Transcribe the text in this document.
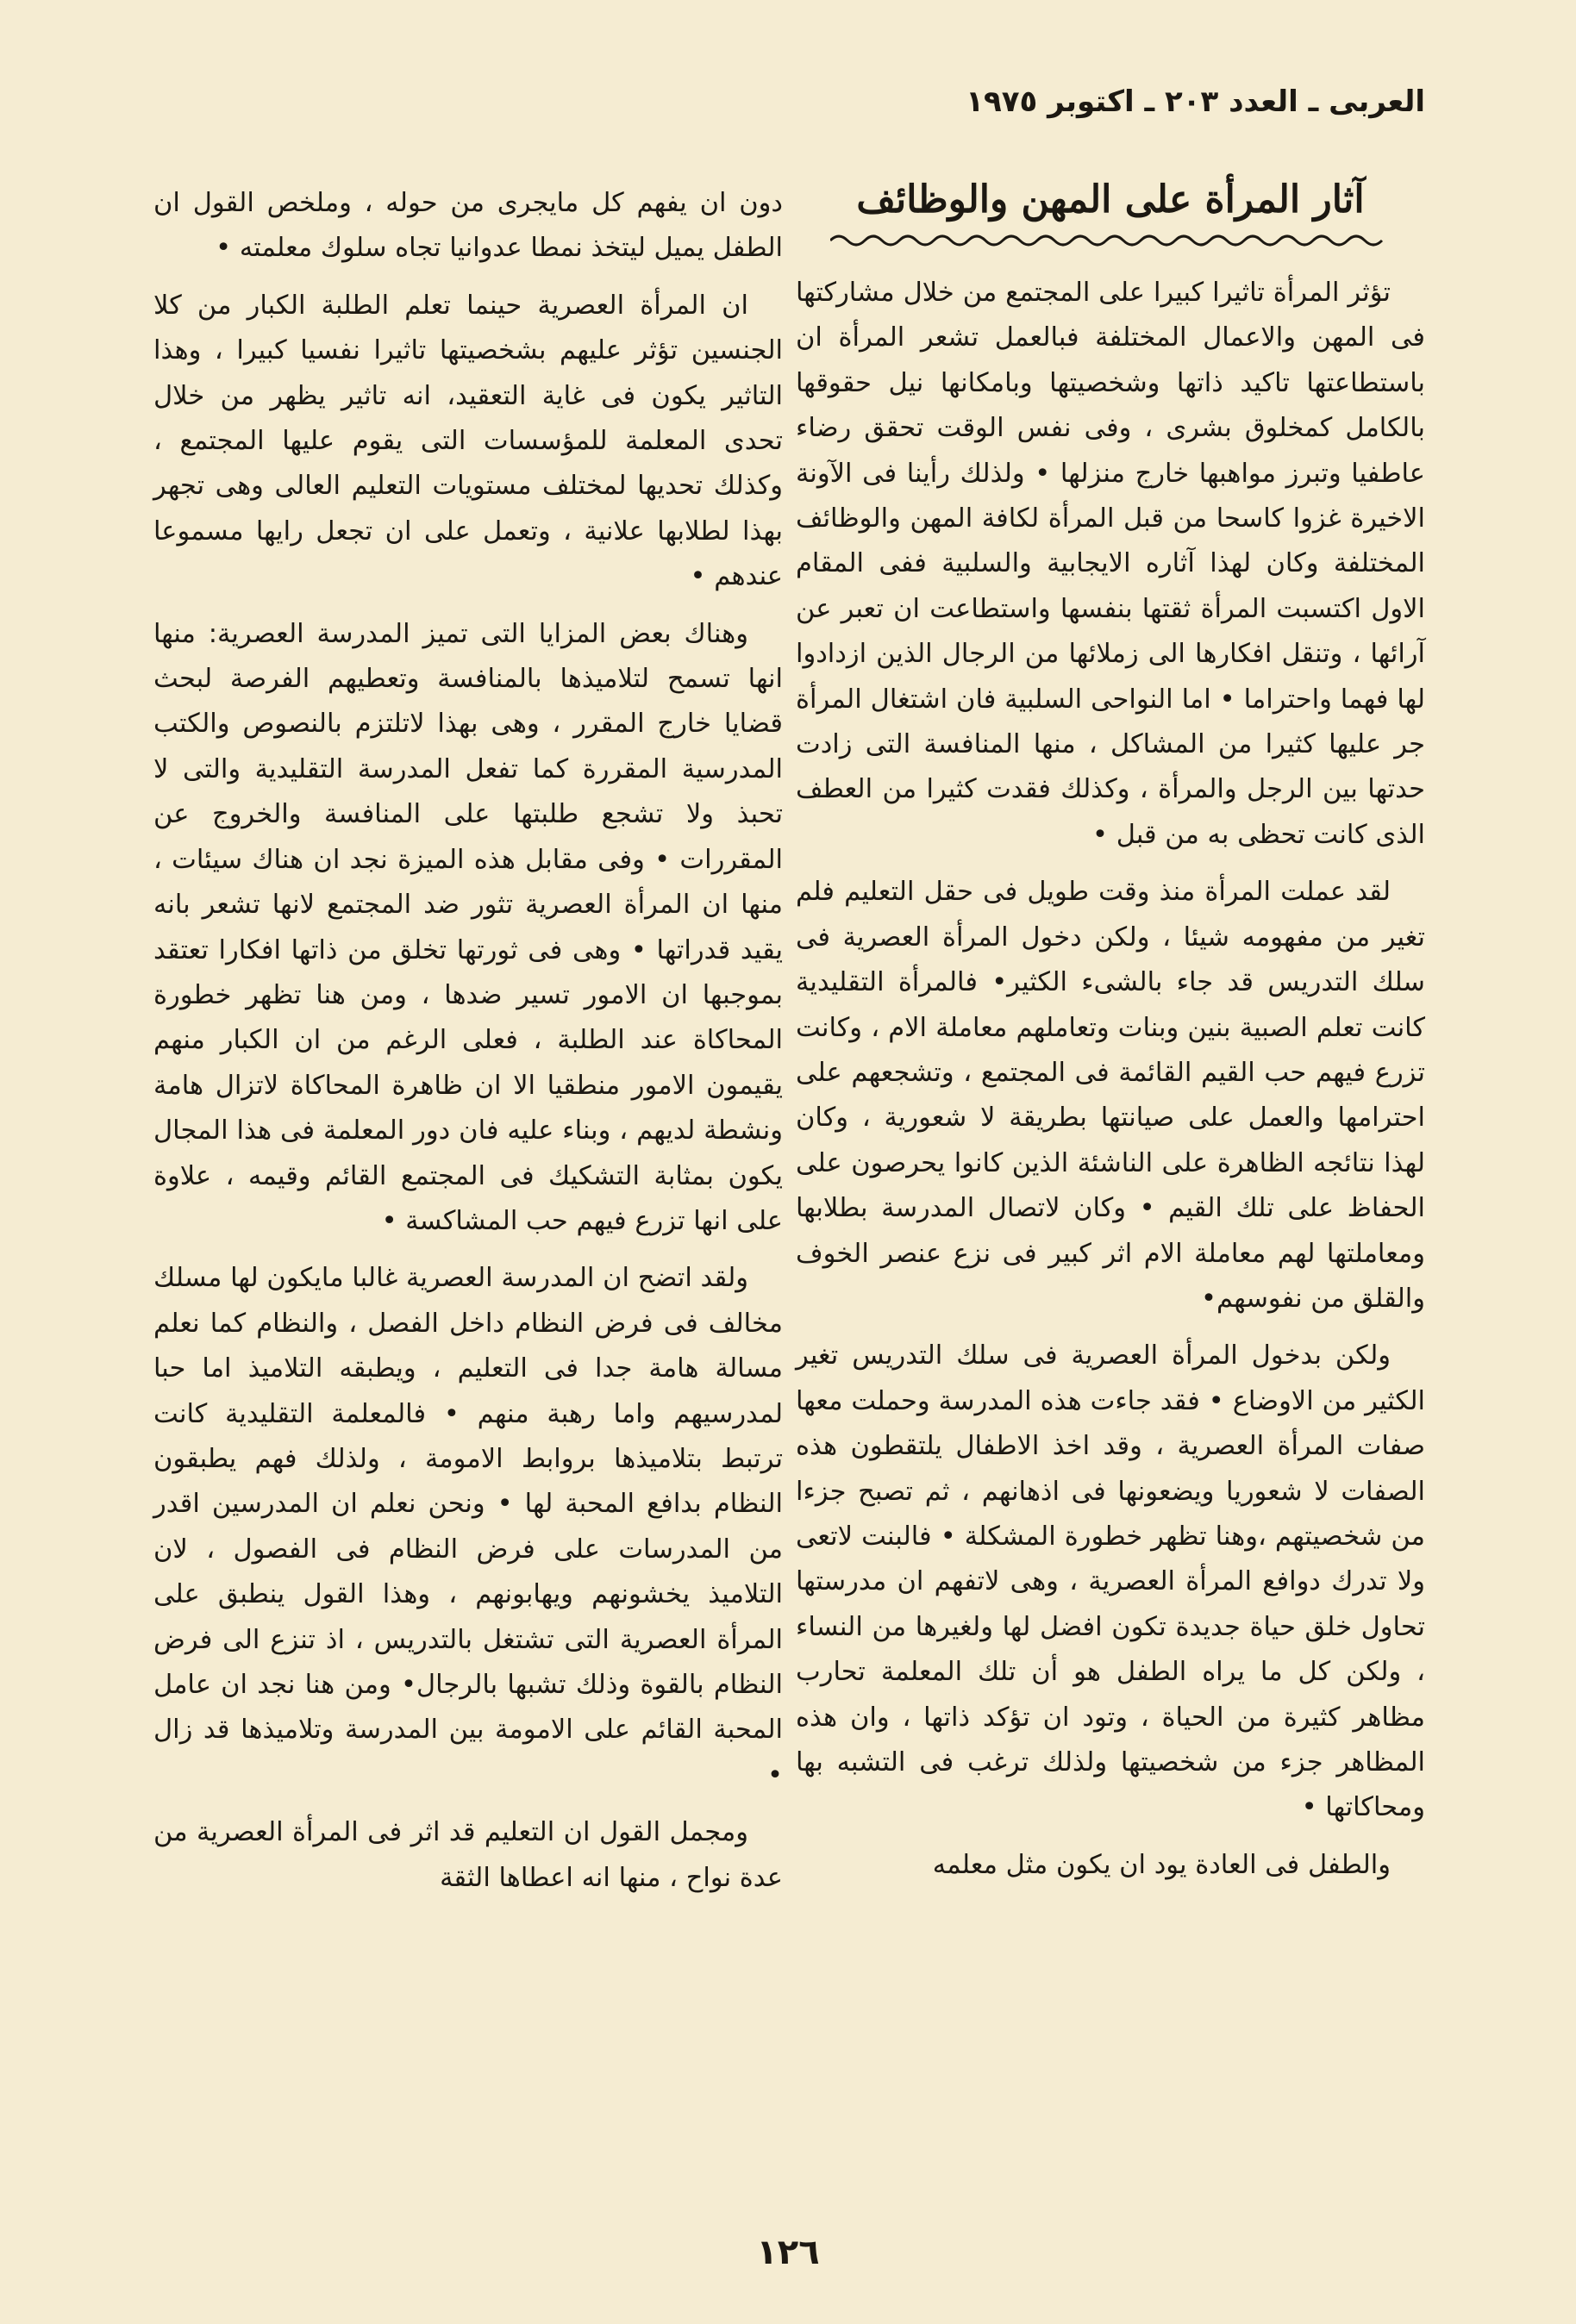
العربى ـ العدد ٢٠٣ ـ اكتوبر ١٩٧٥
آثار المرأة على المهن والوظائف

تؤثر المرأة تاثيرا كبيرا على المجتمع من خلال مشاركتها فى المهن والاعمال المختلفة فبالعمل تشعر المرأة ان باستطاعتها تاكيد ذاتها وشخصيتها وبامكانها نيل حقوقها بالكامل كمخلوق بشرى ، وفى نفس الوقت تحقق رضاء عاطفيا وتبرز مواهبها خارج منزلها • ولذلك رأينا فى الآونة الاخيرة غزوا كاسحا من قبل المرأة لكافة المهن والوظائف المختلفة وكان لهذا آثاره الايجابية والسلبية ففى المقام الاول اكتسبت المرأة ثقتها بنفسها واستطاعت ان تعبر عن آرائها ، وتنقل افكارها الى زملائها من الرجال الذين ازدادوا لها فهما واحتراما • اما النواحى السلبية فان اشتغال المرأة جر عليها كثيرا من المشاكل ، منها المنافسة التى زادت حدتها بين الرجل والمرأة ، وكذلك فقدت كثيرا من العطف الذى كانت تحظى به من قبل •

لقد عملت المرأة منذ وقت طويل فى حقل التعليم فلم تغير من مفهومه شيئا ، ولكن دخول المرأة العصرية فى سلك التدريس قد جاء بالشىء الكثير• فالمرأة التقليدية كانت تعلم الصبية بنين وبنات وتعاملهم معاملة الام ، وكانت تزرع فيهم حب القيم القائمة فى المجتمع ، وتشجعهم على احترامها والعمل على صيانتها بطريقة لا شعورية ، وكان لهذا نتائجه الظاهرة على الناشئة الذين كانوا يحرصون على الحفاظ على تلك القيم • وكان لاتصال المدرسة بطلابها ومعاملتها لهم معاملة الام اثر كبير فى نزع عنصر الخوف والقلق من نفوسهم•

ولكن بدخول المرأة العصرية فى سلك التدريس تغير الكثير من الاوضاع • فقد جاءت هذه المدرسة وحملت معها صفات المرأة العصرية ، وقد اخذ الاطفال يلتقطون هذه الصفات لا شعوريا ويضعونها فى اذهانهم ، ثم تصبح جزءا من شخصيتهم ،وهنا تظهر خطورة المشكلة • فالبنت لاتعى ولا تدرك دوافع المرأة العصرية ، وهى لاتفهم ان مدرستها تحاول خلق حياة جديدة تكون افضل لها ولغيرها من النساء ، ولكن كل ما يراه الطفل هو أن تلك المعلمة تحارب مظاهر كثيرة من الحياة ، وتود ان تؤكد ذاتها ، وان هذه المظاهر جزء من شخصيتها ولذلك ترغب فى التشبه بها ومحاكاتها •

والطفل فى العادة يود ان يكون مثل معلمه

دون ان يفهم كل مايجرى من حوله ، وملخص القول ان الطفل يميل ليتخذ نمطا عدوانيا تجاه سلوك معلمته •

ان المرأة العصرية حينما تعلم الطلبة الكبار من كلا الجنسين تؤثر عليهم بشخصيتها تاثيرا نفسيا كبيرا ، وهذا التاثير يكون فى غاية التعقيد، انه تاثير يظهر من خلال تحدى المعلمة للمؤسسات التى يقوم عليها المجتمع ، وكذلك تحديها لمختلف مستويات التعليم العالى وهى تجهر بهذا لطلابها علانية ، وتعمل على ان تجعل رايها مسموعا عندهم •

وهناك بعض المزايا التى تميز المدرسة العصرية: منها انها تسمح لتلاميذها بالمنافسة وتعطيهم الفرصة لبحث قضايا خارج المقرر ، وهى بهذا لاتلتزم بالنصوص والكتب المدرسية المقررة كما تفعل المدرسة التقليدية والتى لا تحبذ ولا تشجع طلبتها على المنافسة والخروج عن المقررات • وفى مقابل هذه الميزة نجد ان هناك سيئات ، منها ان المرأة العصرية تثور ضد المجتمع لانها تشعر بانه يقيد قدراتها • وهى فى ثورتها تخلق من ذاتها افكارا تعتقد بموجبها ان الامور تسير ضدها ، ومن هنا تظهر خطورة المحاكاة عند الطلبة ، فعلى الرغم من ان الكبار منهم يقيمون الامور منطقيا الا ان ظاهرة المحاكاة لاتزال هامة ونشطة لديهم ، وبناء عليه فان دور المعلمة فى هذا المجال يكون بمثابة التشكيك فى المجتمع القائم وقيمه ، علاوة على انها تزرع فيهم حب المشاكسة •

ولقد اتضح ان المدرسة العصرية غالبا مايكون لها مسلك مخالف فى فرض النظام داخل الفصل ، والنظام كما نعلم مسالة هامة جدا فى التعليم ، ويطبقه التلاميذ اما حبا لمدرسيهم واما رهبة منهم • فالمعلمة التقليدية كانت ترتبط بتلاميذها بروابط الامومة ، ولذلك فهم يطبقون النظام بدافع المحبة لها • ونحن نعلم ان المدرسين اقدر من المدرسات على فرض النظام فى الفصول ، لان التلاميذ يخشونهم ويهابونهم ، وهذا القول ينطبق على المرأة العصرية التى تشتغل بالتدريس ، اذ تنزع الى فرض النظام بالقوة وذلك تشبها بالرجال• ومن هنا نجد ان عامل المحبة القائم على الامومة بين المدرسة وتلاميذها قد زال •

ومجمل القول ان التعليم قد اثر فى المرأة العصرية من عدة نواح ، منها انه اعطاها الثقة

١٢٦
